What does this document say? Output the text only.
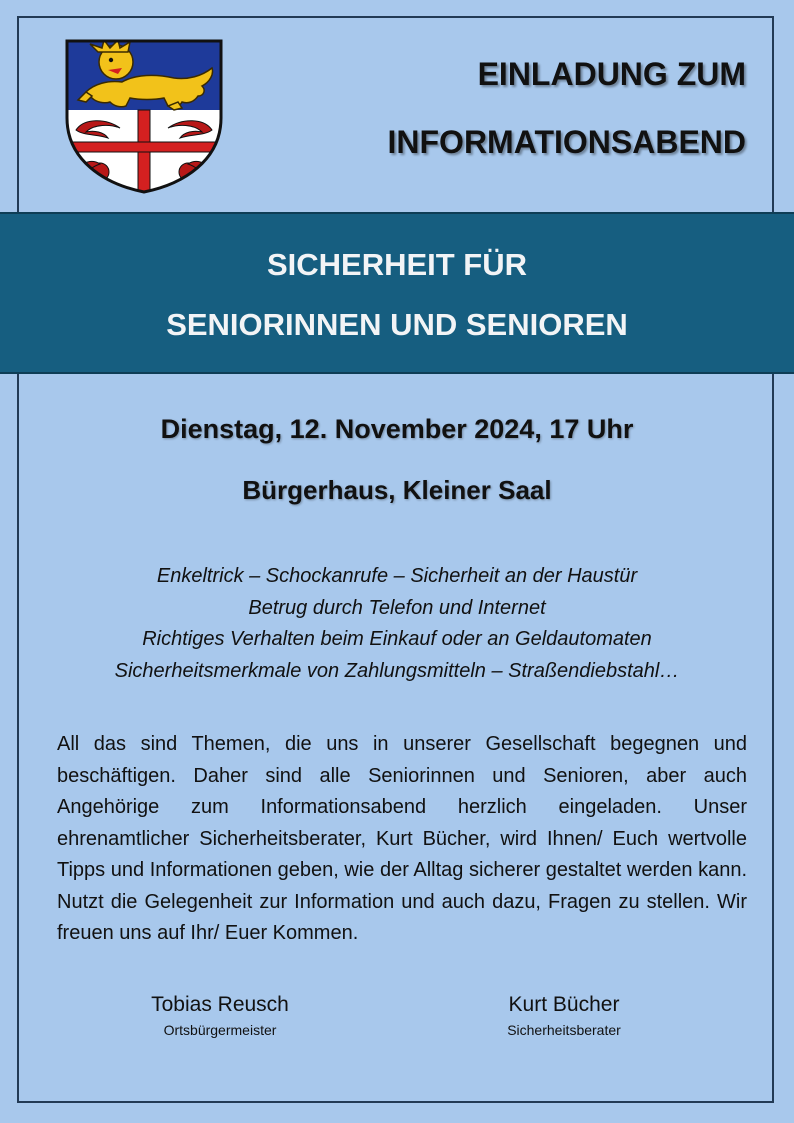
EINLADUNG ZUM
INFORMATIONSABEND
SICHERHEIT FÜR
SENIORINNEN UND SENIOREN
Dienstag, 12. November 2024, 17 Uhr
Bürgerhaus, Kleiner Saal
Enkeltrick – Schockanrufe – Sicherheit an der Haustür
Betrug durch Telefon und Internet
Richtiges Verhalten beim Einkauf oder an Geldautomaten
Sicherheitsmerkmale von Zahlungsmitteln – Straßendiebstahl…
All das sind Themen, die uns in unserer Gesellschaft begegnen und beschäftigen. Daher sind alle Seniorinnen und Senioren, aber auch Angehörige zum Informationsabend herzlich eingeladen. Unser ehrenamtlicher Sicherheitsberater, Kurt Bücher, wird Ihnen/ Euch wertvolle Tipps und Informationen geben, wie der Alltag sicherer gestaltet werden kann. Nutzt die Gelegenheit zur Information und auch dazu, Fragen zu stellen. Wir freuen uns auf Ihr/ Euer Kommen.
Tobias Reusch
Ortsbürgermeister
Kurt Bücher
Sicherheitsberater
